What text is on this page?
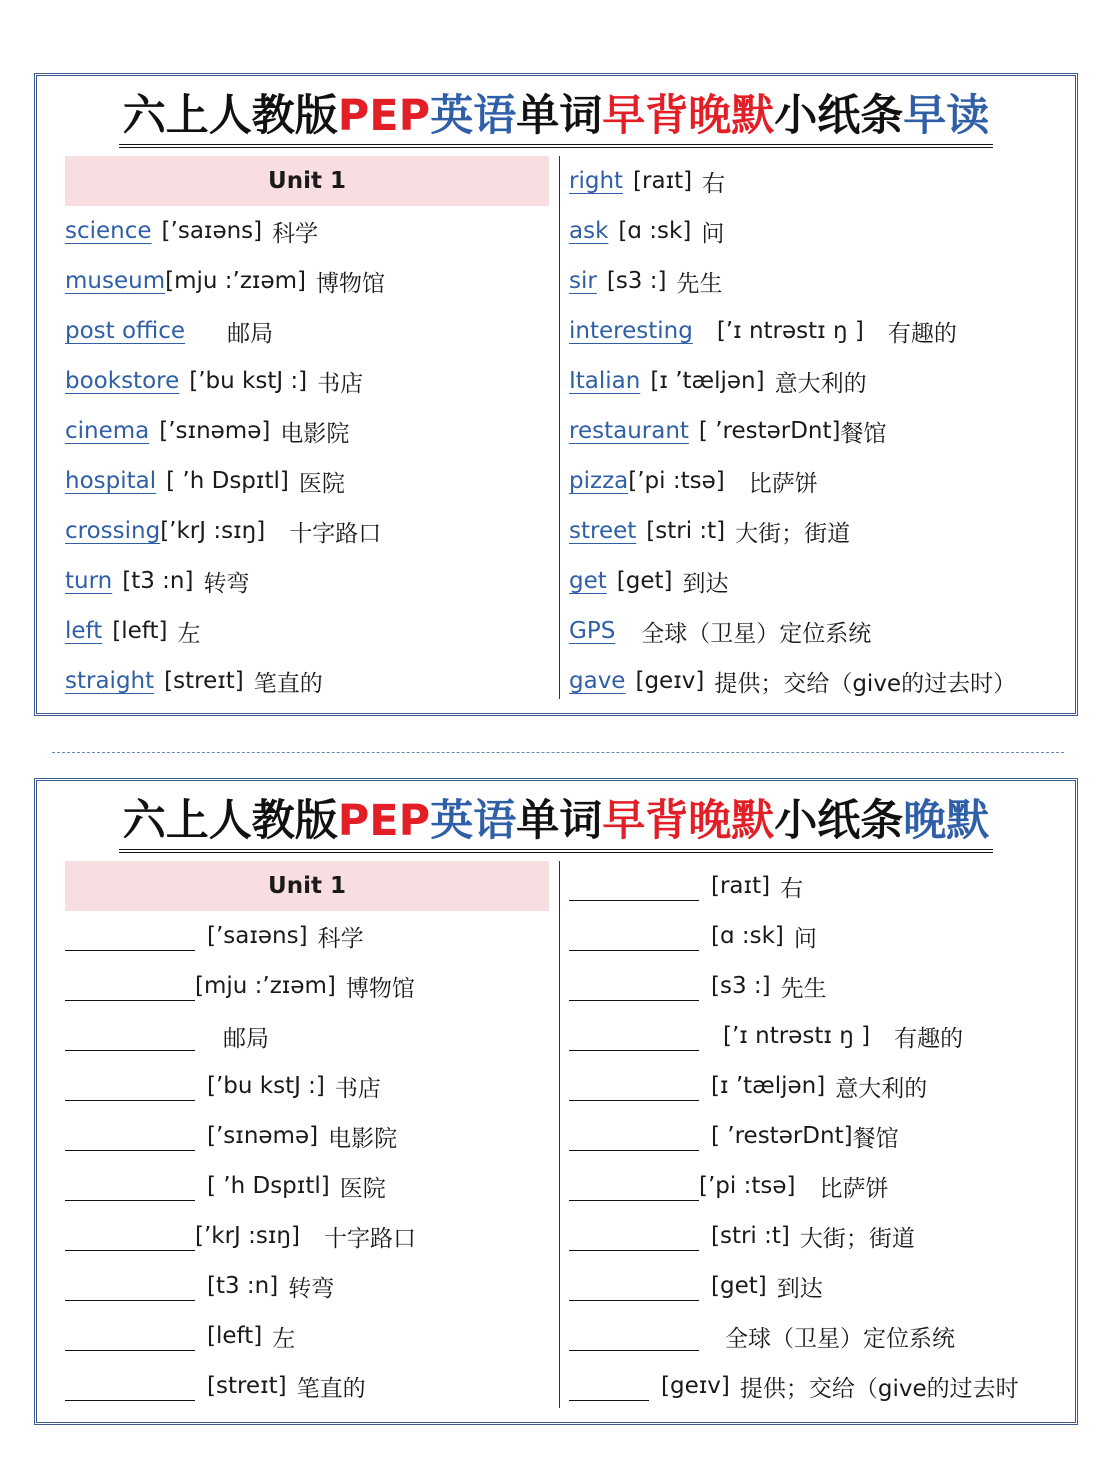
六上人教版PEP英语单词早背晚默小纸条早读
Unit 1
science [’saɪəns] 科学
museum [mju :’zɪəm] 博物馆
post office 邮局
bookstore [’bu kstJ :] 书店
cinema [’sɪnəmə] 电影院
hospital [ ’h Dspɪtl] 医院
crossing [’krJ :sɪŋ] 十字路口
turn [t3 :n] 转弯
left [left] 左
straight [streɪt] 笔直的
right [raɪt] 右
ask [ɑ :sk] 问
sir [s3 :] 先生
interesting [’ɪ ntrəstɪ ŋ ] 有趣的
Italian [ɪ ’tæljən] 意大利的
restaurant [ ’restərDnt] 餐馆
pizza [’pi :tsə] 比萨饼
street [stri :t] 大街；街道
get [get] 到达
GPS 全球（卫星）定位系统
gave [geɪv] 提供；交给（give的过去时）
六上人教版PEP英语单词早背晚默小纸条晚默
Unit 1
[’saɪəns] 科学
[mju :’zɪəm] 博物馆
邮局
[’bu kstJ :] 书店
[’sɪnəmə] 电影院
[ ’h Dspɪtl] 医院
[’krJ :sɪŋ] 十字路口
[t3 :n] 转弯
[left] 左
[streɪt] 笔直的
[raɪt] 右
[ɑ :sk] 问
[s3 :] 先生
[’ɪ ntrəstɪ ŋ ] 有趣的
[ɪ ’tæljən] 意大利的
[ ’restərDnt] 餐馆
[’pi :tsə] 比萨饼
[stri :t] 大街；街道
[get] 到达
全球（卫星）定位系统
[geɪv] 提供；交给（give的过去时
